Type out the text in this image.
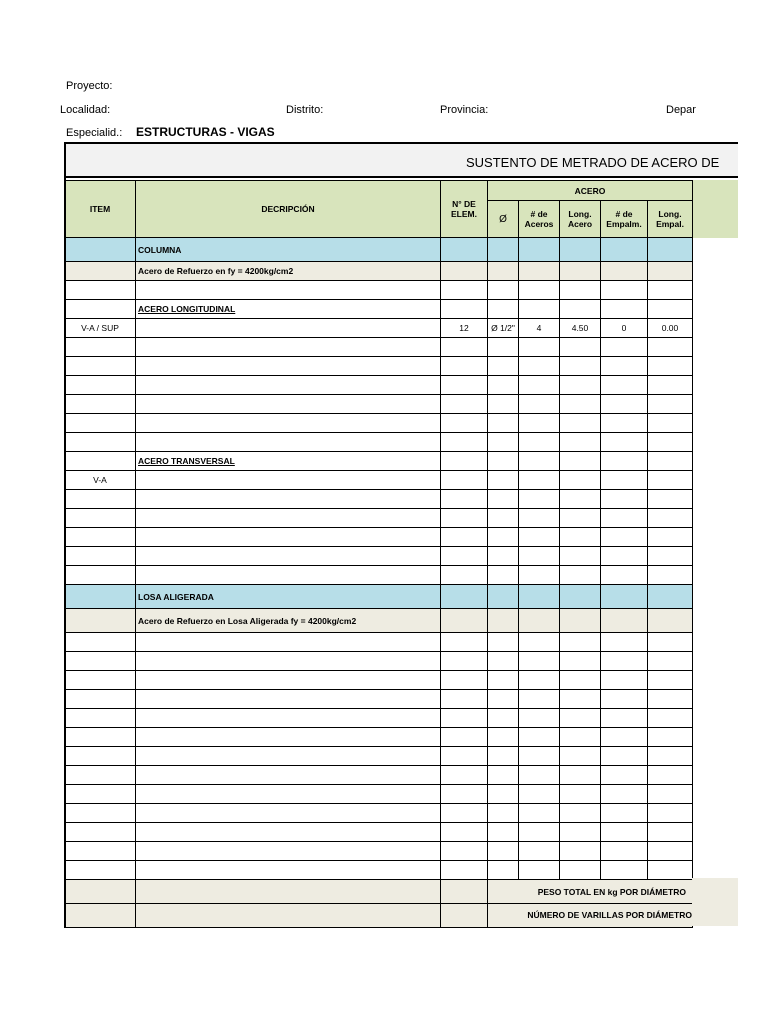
Proyecto:
Localidad:	Distrito:	Provincia:	Depar
Especialid.: ESTRUCTURAS - VIGAS
SUSTENTO DE METRADO DE ACERO DE
ITEM	DECRIPCIÓN	N° DE ELEM.	ACERO				
			Ø	# de Aceros	Long. Acero	# de Empalm.	Long. Empal.
	COLUMNA						
	Acero de Refuerzo en fy = 4200kg/cm2						

	ACERO LONGITUDINAL						
V-A / SUP		12	Ø 1/2"	4	4.50	0	0.00

	ACERO TRANSVERSAL						
V-A							

	LOSA ALIGERADA						
	Acero de Refuerzo en Losa Aligerada fy = 4200kg/cm2						

			PESO TOTAL EN kg POR DIÁMETRO				
			NÚMERO DE VARILLAS POR DIÁMETRO				
